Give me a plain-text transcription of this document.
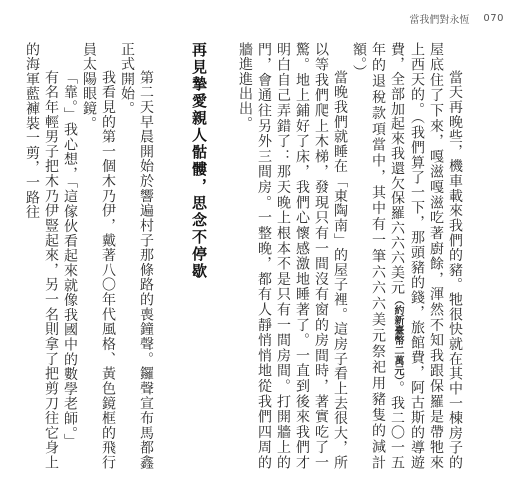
當我們對永恆 070

當天再晚些，機車載來我們的豬。牠很快就在其中一棟房子的屋底住了下來，嘎滋嘎滋吃著廚餘，渾然不知我跟保羅是帶牠來上西天的。（我們算了一下，那頭豬的錢，旅館費，阿古斯的導遊費，全部加起來我還欠保羅六六六美元（約新臺幣二萬元）。我二〇一五年的退稅款項當中，其中有一筆六六六美元祭祀用豬隻的減計額。）

當晚我們就睡在「東陶南」的屋子裡。這房子看上去很大，所以等我們爬上木梯，發現只有一間沒有窗的房間時，著實吃了一驚。地上鋪好了床，我們心懷感激地睡著了。一直到後來我們才明白自己弄錯了：那天晚上根本不是只有一間房間。打開牆上的門，會通往另外三間房。一整晚，都有人靜悄悄地從我們四周的牆進進出出。

再見摯愛親人骷髏，思念不停歇

第二天早晨開始於響遍村子那條路的喪鐘聲。鑼聲宣布馬都鑫正式開始。

我看見的第一個木乃伊，戴著八〇年代風格、黃色鏡框的飛行員太陽眼鏡。

「靠。」我心想，「這傢伙看起來就像我國中的數學老師。」

有名年輕男子把木乃伊豎起來，另一名則拿了把剪刀往它身上的海軍藍褲裝一剪，一路往
